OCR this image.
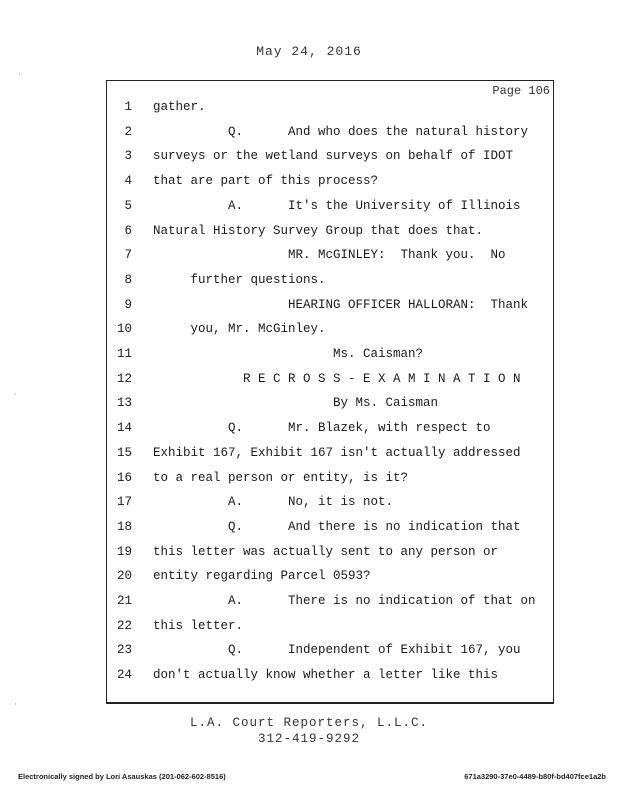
May 24, 2016
Page 106
1 gather.
2 Q.      And who does the natural history
3 surveys or the wetland surveys on behalf of IDOT
4 that are part of this process?
5 A.      It's the University of Illinois
6 Natural History Survey Group that does that.
7 MR. McGINLEY:  Thank you.  No
8 further questions.
9 HEARING OFFICER HALLORAN:  Thank
10 you, Mr. McGinley.
11 Ms. Caisman?
12 R E C R O S S - E X A M I N A T I O N
13 By Ms. Caisman
14 Q.      Mr. Blazek, with respect to
15 Exhibit 167, Exhibit 167 isn't actually addressed
16 to a real person or entity, is it?
17 A.      No, it is not.
18 Q.      And there is no indication that
19 this letter was actually sent to any person or
20 entity regarding Parcel 0593?
21 A.      There is no indication of that on
22 this letter.
23 Q.      Independent of Exhibit 167, you
24 don't actually know whether a letter like this
L.A. Court Reporters, L.L.C.
312-419-9292
Electronically signed by Lori Asauskas (201-062-602-8516)	671a3290-37e0-4489-b80f-bd407fce1a2b
·
·
·
